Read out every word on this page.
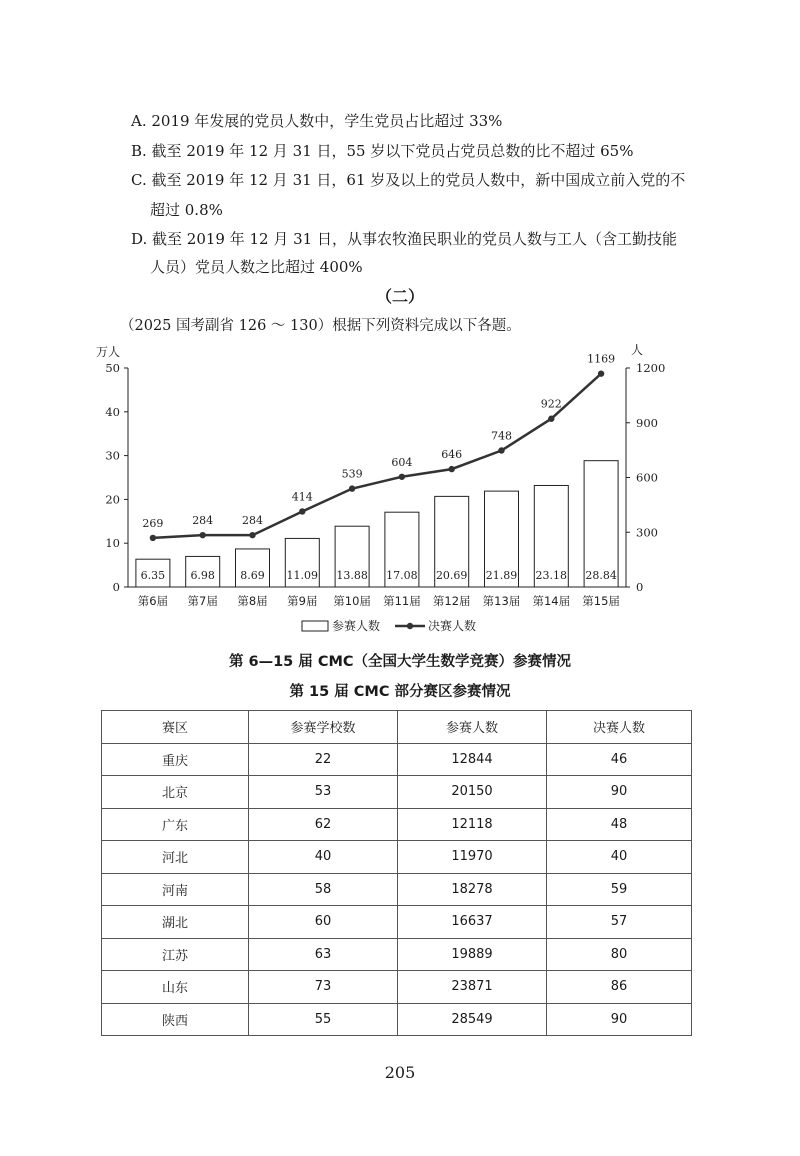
A. 2019 年发展的党员人数中，学生党员占比超过 33%
B. 截至 2019 年 12 月 31 日，55 岁以下党员占党员总数的比不超过 65%
C. 截至 2019 年 12 月 31 日，61 岁及以上的党员人数中，新中国成立前入党的不
超过 0.8%
D. 截至 2019 年 12 月 31 日，从事农牧渔民职业的党员人数与工人（含工勤技能
人员）党员人数之比超过 400%
（二）
（2025 国考副省 126 ～ 130）根据下列资料完成以下各题。
万人	人
0
10
20
30
40
50
0
300
600
900
1200
6.35 6.98 8.69 11.09 13.88 17.08 20.69 21.89 23.18 28.84
269	284	284
414
539
604
646
748
922
1169
第6届 第7届 第8届 第9届 第10届 第11届 第12届 第13届 第14届 第15届
参赛人数	决赛人数
第 6—15 届 CMC（全国大学生数学竞赛）参赛情况
第 15 届 CMC 部分赛区参赛情况
赛区	参赛学校数	参赛人数	决赛人数
重庆	22	12844	46
北京	53	20150	90
广东	62	12118	48
河北	40	11970	40
河南	58	18278	59
湖北	60	16637	57
江苏	63	19889	80
山东	73	23871	86
陕西	55	28549	90
205
